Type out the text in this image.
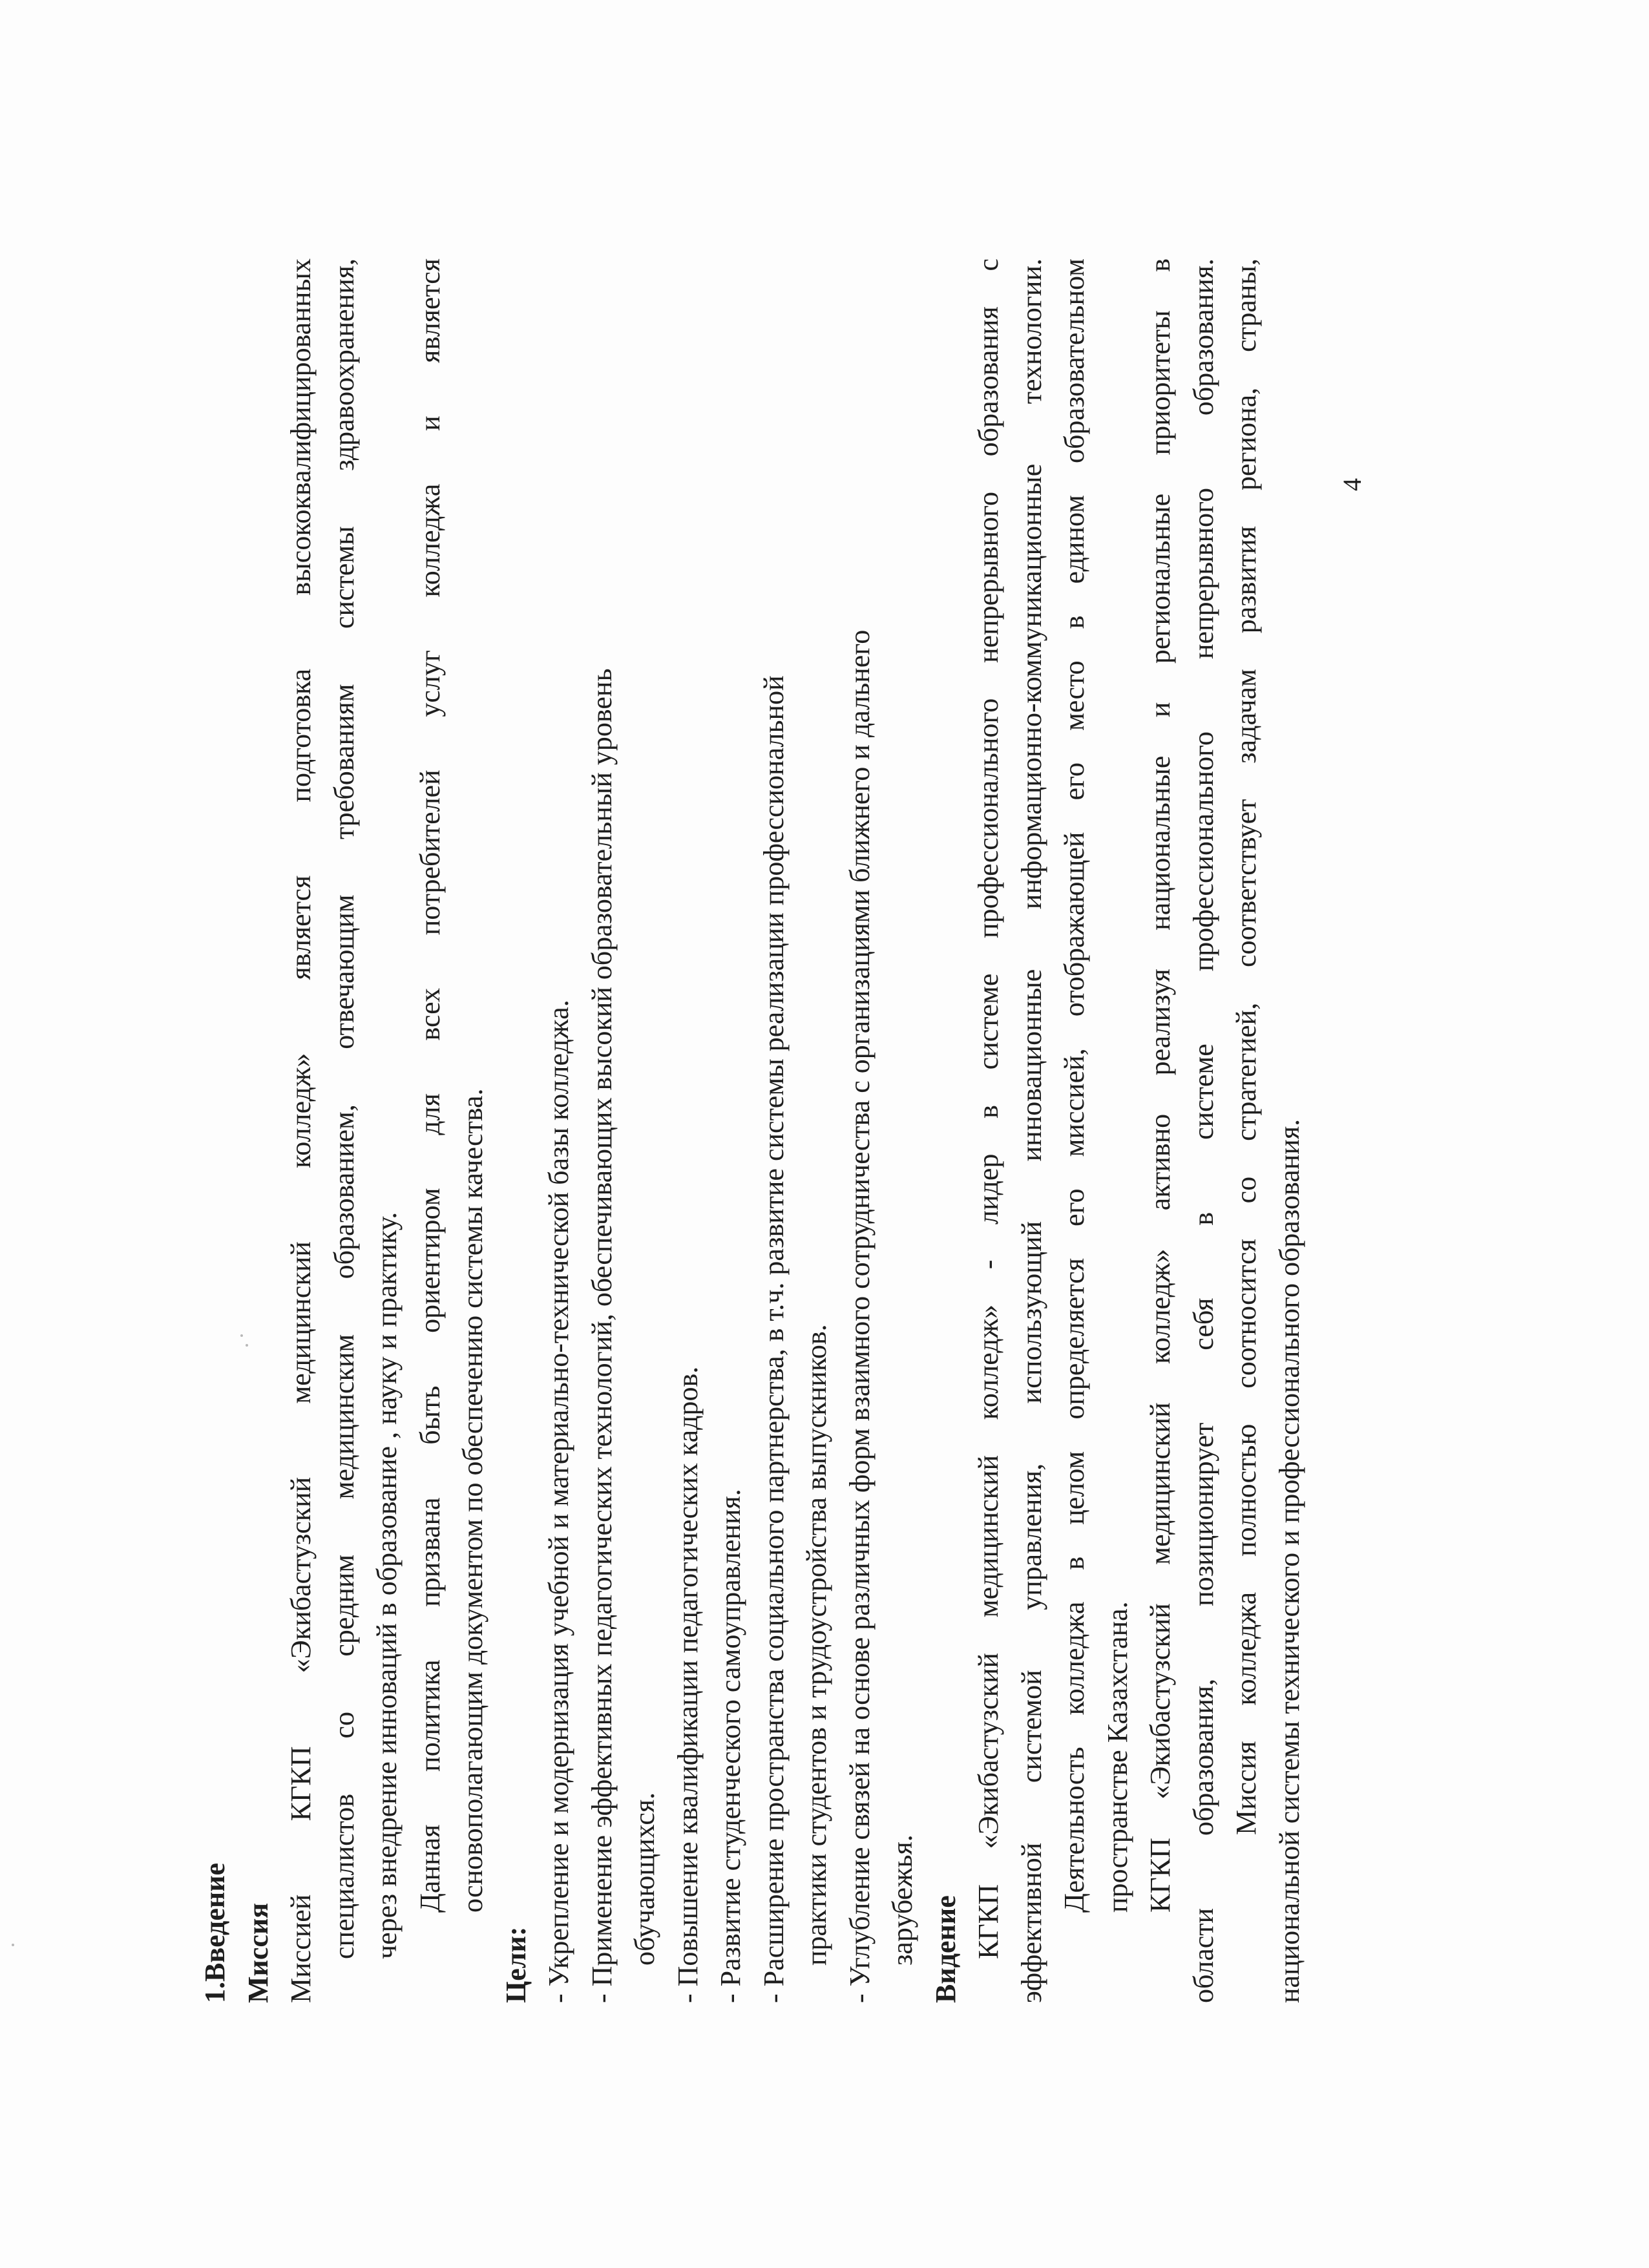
1.Введение Миссия Миссией КГКП «Экибастузский медицинский колледж» является подготовка высококвалифицированных специалистов со средним медицинским образованием, отвечающим требованиям системы здравоохранения, через внедрение инноваций в образование , науку и практику. Данная политика призвана быть ориентиром для всех потребителей услуг колледжа и является основополагающим документом по обеспечению системы качества.
Цели: - Укрепление и модернизация учебной и материально-технической базы колледжа. - Применение эффективных педагогических технологий, обеспечивающих высокий образовательный уровень обучающихся. - Повышение квалификации педагогических кадров. - Развитие студенческого самоуправления. - Расширение пространства социального партнерства, в т.ч. развитие системы реализации профессиональной практики студентов и трудоустройства выпускников. - Углубление связей на основе различных форм взаимного сотрудничества с организациями ближнего и дальнего зарубежья. Видение КГКП «Экибастузский медицинский колледж» - лидер в системе профессионального непрерывного образования с эффективной системой управления, использующий инновационные информационно-коммуникационные технологии. Деятельность колледжа в целом определяется его миссией, отображающей его место в едином образовательном пространстве Казахстана. КГКП «Экибастузский медицинский колледж» активно реализуя национальные и региональные приоритеты в области образования, позиционирует себя в системе профессионального непрерывного образования. Миссия колледжа полностью соотносится со стратегией, соответствует задачам развития региона, страны, национальной системы технического и профессионального образования.
4
